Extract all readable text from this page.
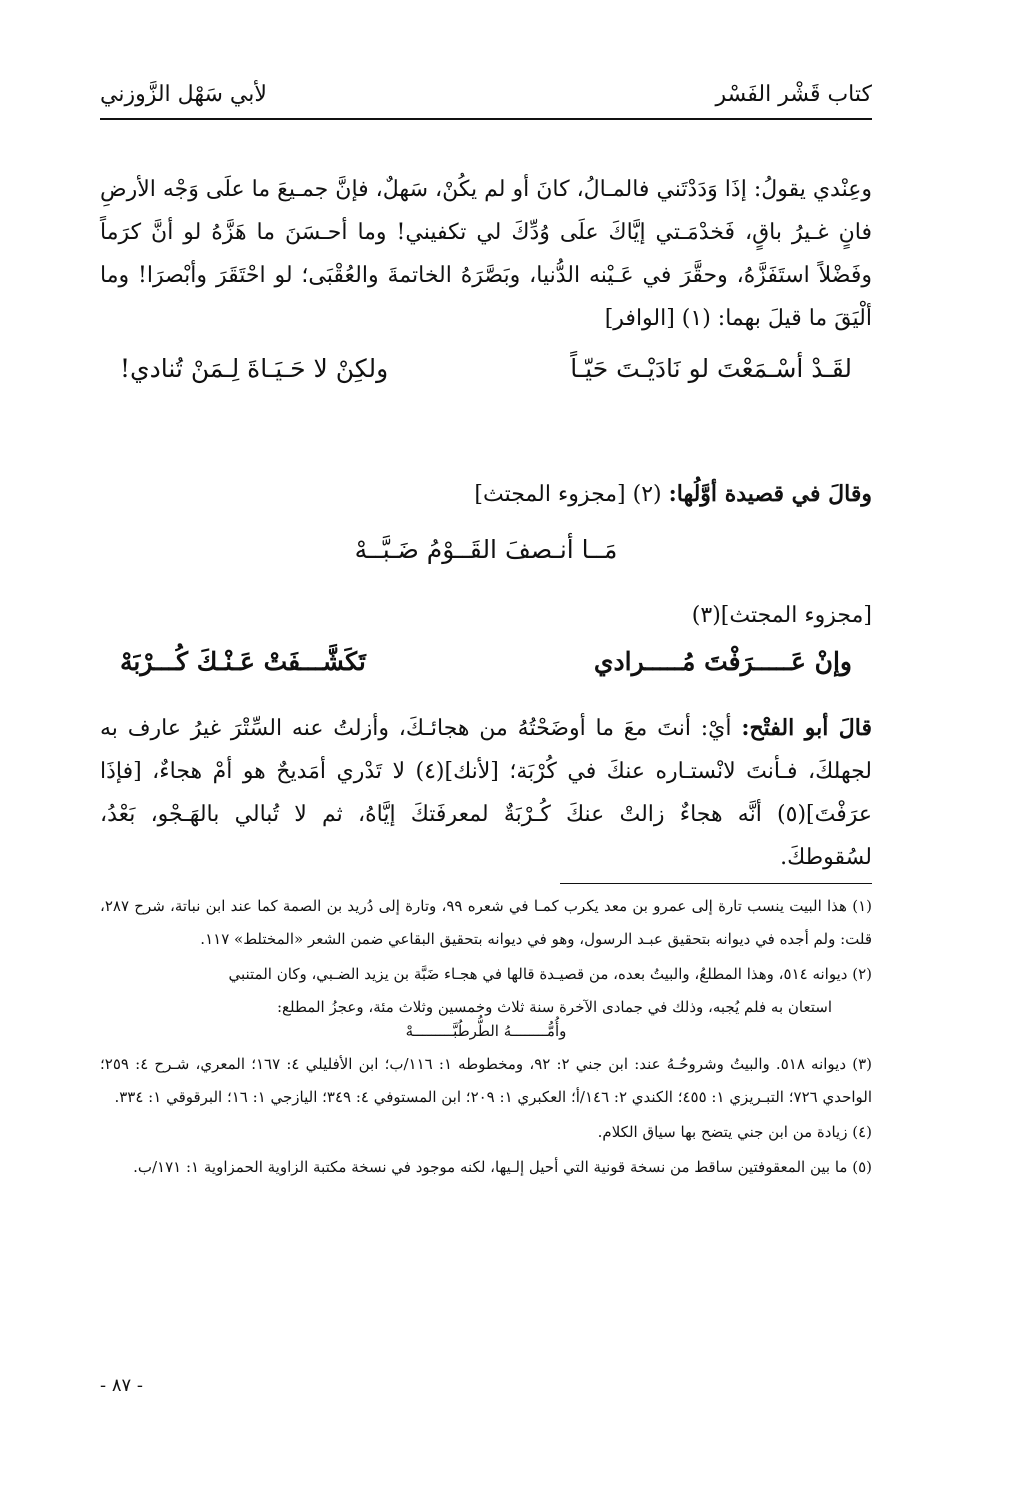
كتاب قَشْر الفَسْر
لأبي سَهْل الزَّوزني

وعِنْدي يقولُ: إذَا وَدَدْتَني فالمـالُ، كانَ أو لم يكُنْ، سَهلٌ، فإنَّ جمـيعَ ما علَى وَجْه الأرضِ فانٍ غـيرُ باقٍ، فَخدْمَـتي إيَّاكَ علَى وُدِّكَ لي تكفيني! وما أحـسَنَ ما هَزَّهُ لو أنَّ كرَماً وفَضْلاً استَفَزَّهُ، وحقَّرَ في عَـيْنه الدُّنيا، وبَصَّرَهُ الخاتمةَ والعُقْبَى؛ لو احْتَقَرَ وأبْصرَا! وما ألْيَقَ ما قيلَ بهما: (١) [الوافر]

لقَـدْ أسْـمَعْتَ لو نَادَيْـتَ حَيّـاً
ولكِنْ لا حَـيَـاةَ لِـمَنْ تُنادي!

وقالَ في قصيدة أوَّلُها: (٢) [مجزوء المجتث]

مَــا أنـصفَ القَــوْمُ ضَـبَّــهْ
[مجزوء المجتث](٣)
وإنْ عَـــــرَفْتَ مُـــــرادي
تَكَشَّـــفَتْ عَـنْـكَ كُـــرْبَهْ

قالَ أبو الفتْح: أيْ: أنتَ معَ ما أوضَحْتُهُ من هجائـكَ، وأزلتُ عنه السِّتْرَ غيرُ عارف به لجهلكَ، فـأنتَ لانْستـاره عنكَ في كُرْبَة؛ [لأنك](٤) لا تَدْري أمَديحٌ هو أمْ هجاءٌ، [فإذَا عرَفْتَ](٥) أنَّه هجاءٌ زالتْ عنكَ كُـرْبَةٌ لمعرفَتكَ إيَّاهُ، ثم لا تُبالي بالهَـجْو، بَعْدُ، لسُقوطكَ.

(١) هذا البيت ينسب تارة إلى عمرو بن معد يكرب كمـا في شعره ٩٩، وتارة إلى دُريد بن الصمة كما عند ابن نباتة، شرح ٢٨٧، قلت: ولم أجده في ديوانه بتحقيق عبـد الرسول، وهو في ديوانه بتحقيق البقاعي ضمن الشعر «المختلط» ١١٧.

(٢) ديوانه ٥١٤، وهذا المطلعُ، والبيتُ بعده، من قصيـدة قالها في هجـاء ضَبَّة بن يزيد الضـبي، وكان المتنبي

استعان به فلم يُجبه، وذلك في جمادى الآخرة سنة ثلاث وخمسين وثلاث مئة، وعجزُ المطلع:

وأُمُّــــــــهُ الطُّرطُبَّـــــــــهْ

(٣) ديوانه ٥١٨. والبيتُ وشروحُـهُ عند: ابن جني ٢: ٩٢، ومخطوطه ١: ١١٦/ب؛ ابن الأفليلي ٤: ١٦٧؛ المعري، شـرح ٤: ٢٥٩؛ الواحدي ٧٢٦؛ التبـريزي ١: ٤٥٥؛ الكندي ٢: ١٤٦/أ؛ العكبري ١: ٢٠٩؛ ابن المستوفي ٤: ٣٤٩؛ اليازجي ١: ١٦؛ البرقوقي ١: ٣٣٤.

(٤) زيادة من ابن جني يتضح بها سياق الكلام.

(٥) ما بين المعقوفتين ساقط من نسخة قونية التي أحيل إلـيها، لكنه موجود في نسخة مكتبة الزاوية الحمزاوية ١: ١٧١/ب.

- ٨٧ -
